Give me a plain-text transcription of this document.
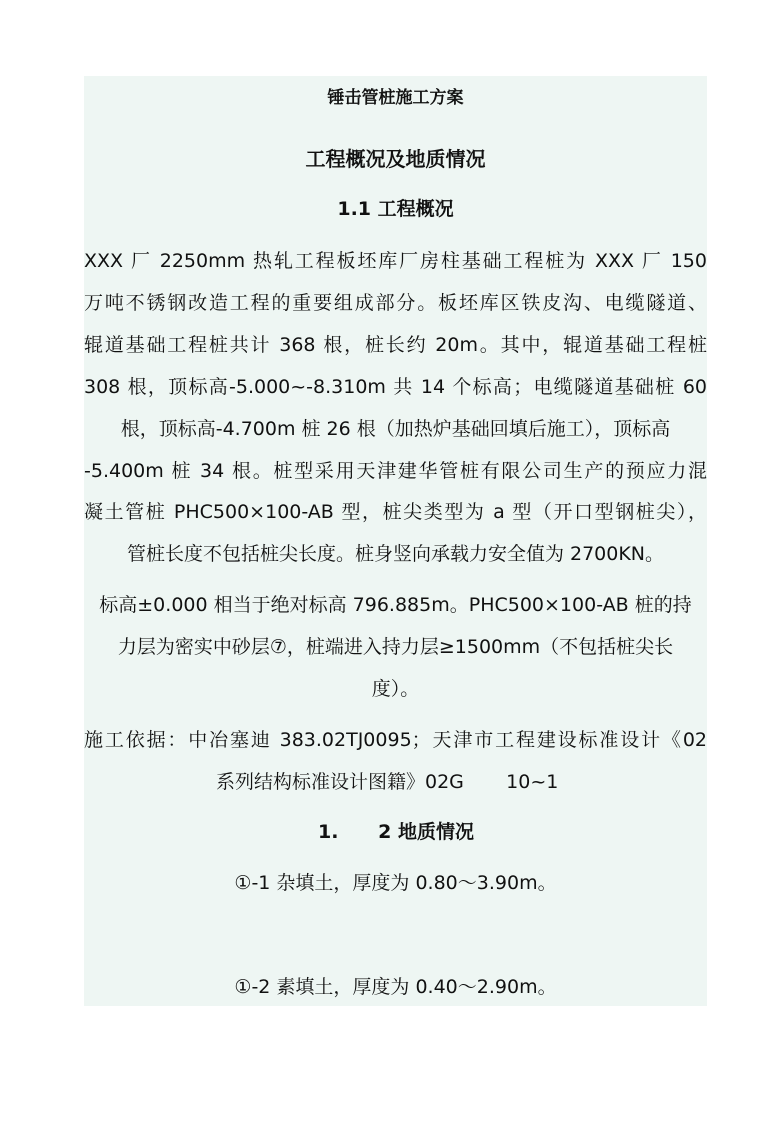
锤击管桩施工方案
工程概况及地质情况
1.1 工程概况
XXX 厂 2250mm 热轧工程板坯库厂房柱基础工程桩为 XXX 厂 150
万吨不锈钢改造工程的重要组成部分。板坯库区铁皮沟、电缆隧道、
辊道基础工程桩共计 368 根，桩长约 20m。其中，辊道基础工程桩
308 根，顶标高-5.000~-8.310m 共 14 个标高；电缆隧道基础桩 60
根，顶标高-4.700m 桩 26 根（加热炉基础回填后施工），顶标高
-5.400m 桩 34 根。桩型采用天津建华管桩有限公司生产的预应力混
凝土管桩 PHC500×100-AB 型，桩尖类型为 a 型（开口型钢桩尖），
管桩长度不包括桩尖长度。桩身竖向承载力安全值为 2700KN。
标高±0.000 相当于绝对标高 796.885m。PHC500×100-AB 桩的持
力层为密实中砂层⑦，桩端进入持力层≥1500mm（不包括桩尖长
度）。
施工依据：中冶塞迪 383.02TJ0095；天津市工程建设标准设计《02
系列结构标准设计图籍》02G       10~1
1.      2 地质情况
①-1 杂填土，厚度为 0.80～3.90m。
①-2 素填土，厚度为 0.40～2.90m。
